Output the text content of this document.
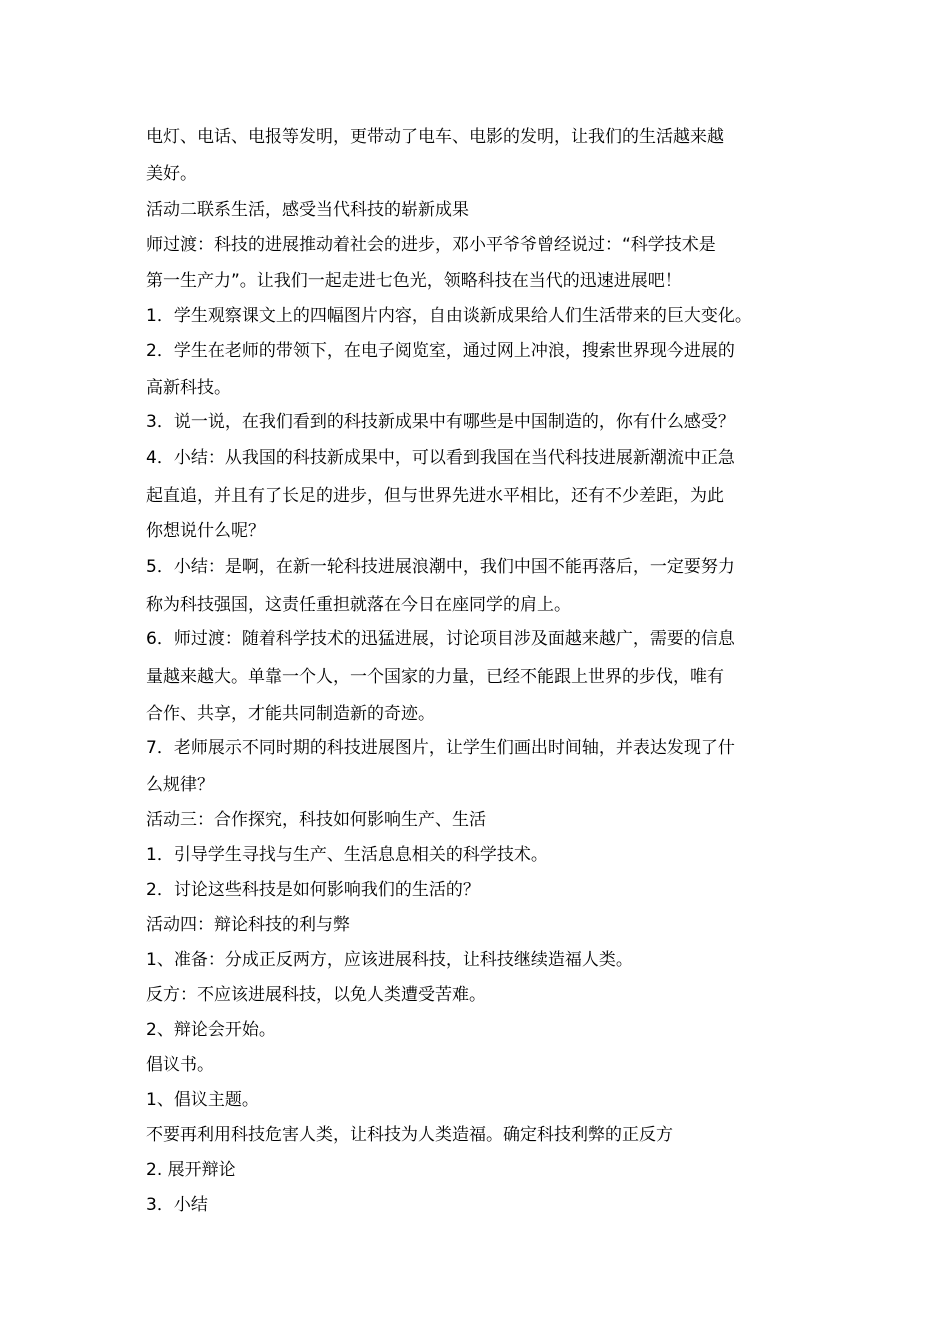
电灯、电话、电报等发明，更带动了电车、电影的发明，让我们的生活越来越
美好。
活动二联系生活，感受当代科技的崭新成果
师过渡：科技的进展推动着社会的进步，邓小平爷爷曾经说过：“科学技术是
第一生产力”。让我们一起走进七色光，领略科技在当代的迅速进展吧！
1．学生观察课文上的四幅图片内容，自由谈新成果给人们生活带来的巨大变化。
2．学生在老师的带领下，在电子阅览室，通过网上冲浪，搜索世界现今进展的
高新科技。
3．说一说，在我们看到的科技新成果中有哪些是中国制造的，你有什么感受？
4．小结：从我国的科技新成果中，可以看到我国在当代科技进展新潮流中正急
起直追，并且有了长足的进步，但与世界先进水平相比，还有不少差距，为此
你想说什么呢？
5．小结：是啊，在新一轮科技进展浪潮中，我们中国不能再落后，一定要努力
称为科技强国，这责任重担就落在今日在座同学的肩上。
6．师过渡：随着科学技术的迅猛进展，讨论项目涉及面越来越广，需要的信息
量越来越大。单靠一个人，一个国家的力量，已经不能跟上世界的步伐，唯有
合作、共享，才能共同制造新的奇迹。
7．老师展示不同时期的科技进展图片，让学生们画出时间轴，并表达发现了什
么规律？
活动三：合作探究，科技如何影响生产、生活
1．引导学生寻找与生产、生活息息相关的科学技术。
2．讨论这些科技是如何影响我们的生活的？
活动四：辩论科技的利与弊
1、准备：分成正反两方，应该进展科技，让科技继续造福人类。
反方：不应该进展科技，以免人类遭受苦难。
2、辩论会开始。
倡议书。
1、倡议主题。
不要再利用科技危害人类，让科技为人类造福。确定科技利弊的正反方
2. 展开辩论
3．小结
